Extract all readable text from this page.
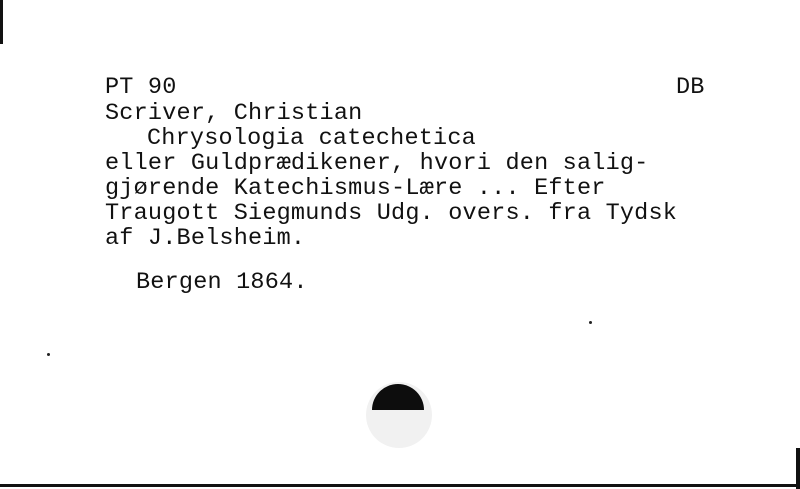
PT 90	DB
Scriver, Christian
Chrysologia catechetica
eller Guldprædikener, hvori den salig-
gjørende Katechismus-Lære ... Efter
Traugott Siegmunds Udg. overs. fra Tydsk
af J.Belsheim.
Bergen 1864.
